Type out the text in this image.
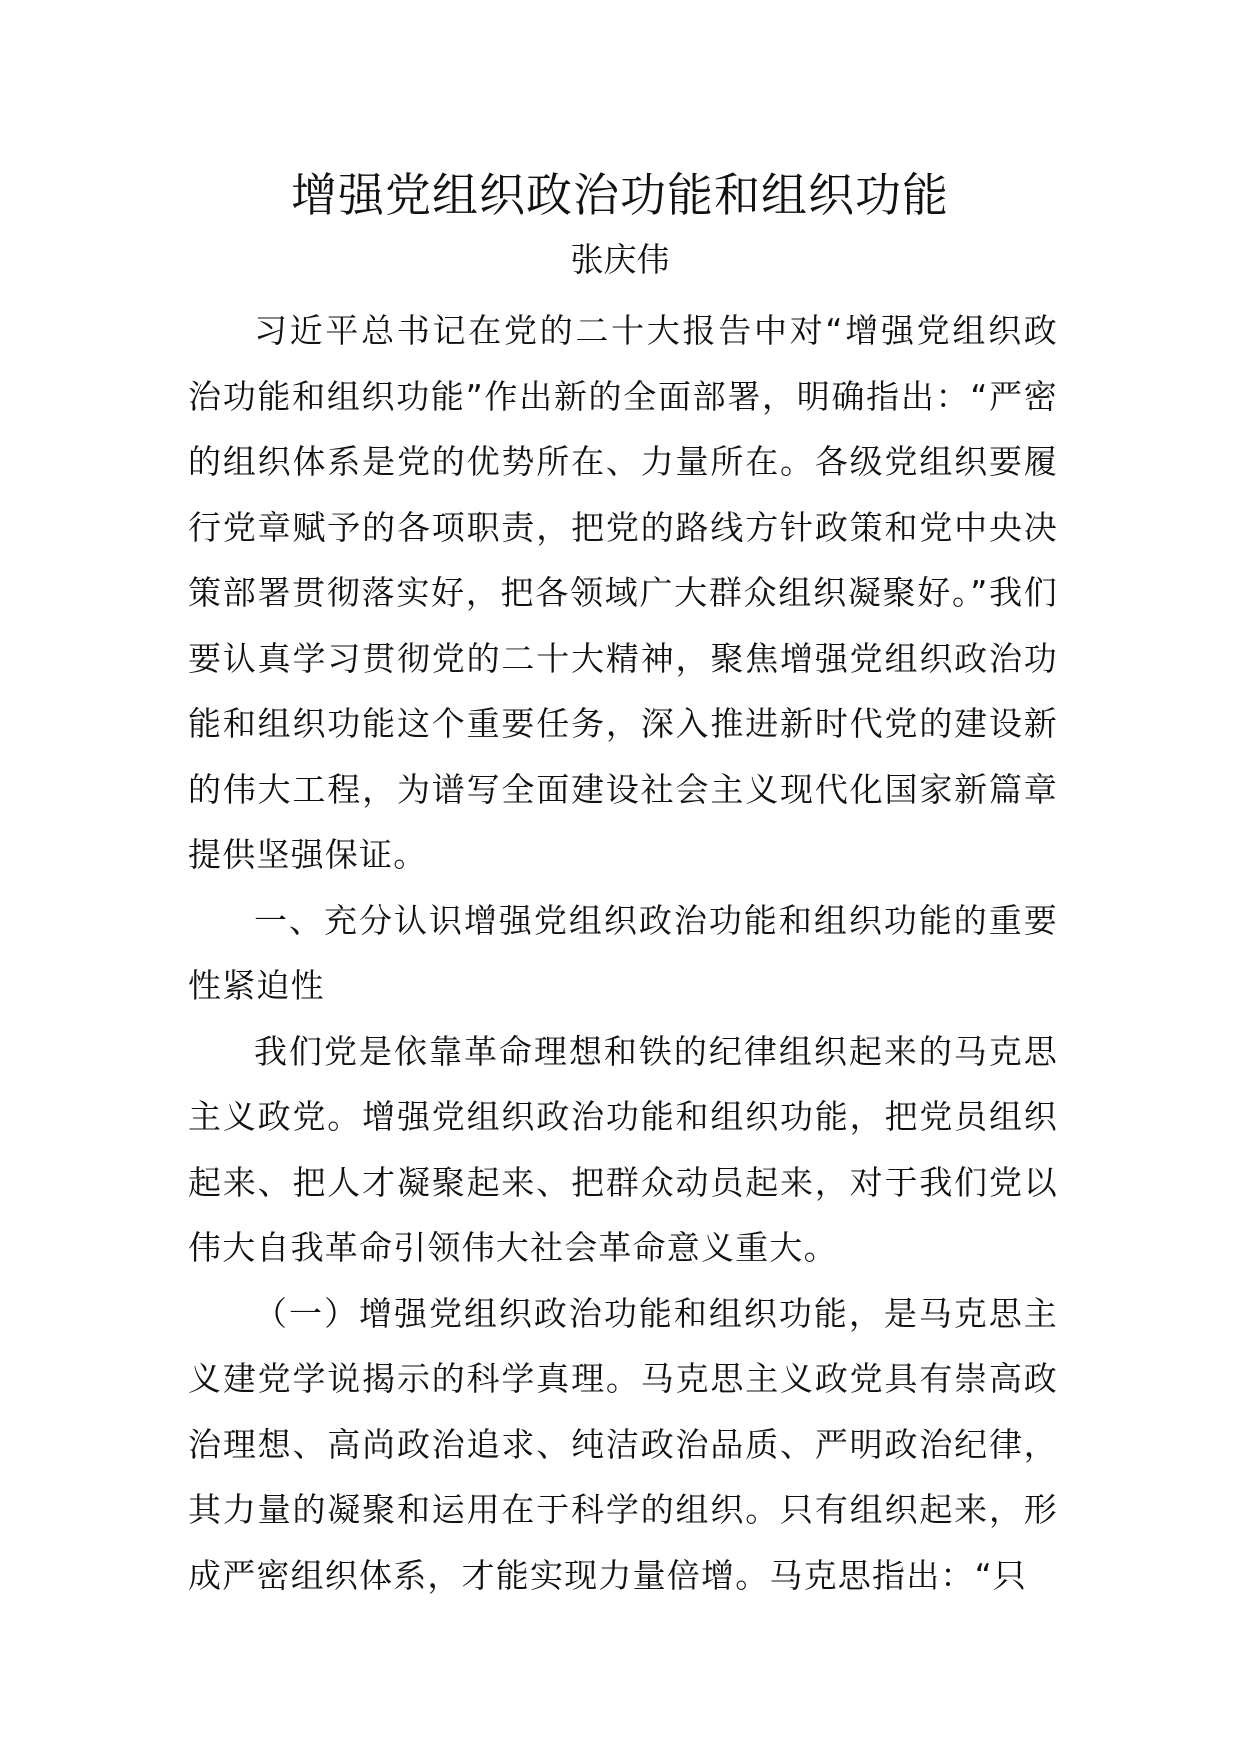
增强党组织政治功能和组织功能
张庆伟

习近平总书记在党的二十大报告中对“增强党组织政治功能和组织功能”作出新的全面部署，明确指出：“严密的组织体系是党的优势所在、力量所在。各级党组织要履行党章赋予的各项职责，把党的路线方针政策和党中央决策部署贯彻落实好，把各领域广大群众组织凝聚好。”我们要认真学习贯彻党的二十大精神，聚焦增强党组织政治功能和组织功能这个重要任务，深入推进新时代党的建设新的伟大工程，为谱写全面建设社会主义现代化国家新篇章提供坚强保证。

一、充分认识增强党组织政治功能和组织功能的重要性紧迫性

我们党是依靠革命理想和铁的纪律组织起来的马克思主义政党。增强党组织政治功能和组织功能，把党员组织起来、把人才凝聚起来、把群众动员起来，对于我们党以伟大自我革命引领伟大社会革命意义重大。

（一）增强党组织政治功能和组织功能，是马克思主义建党学说揭示的科学真理。马克思主义政党具有崇高政治理想、高尚政治追求、纯洁政治品质、严明政治纪律，其力量的凝聚和运用在于科学的组织。只有组织起来，形成严密组织体系，才能实现力量倍增。马克思指出：“只
